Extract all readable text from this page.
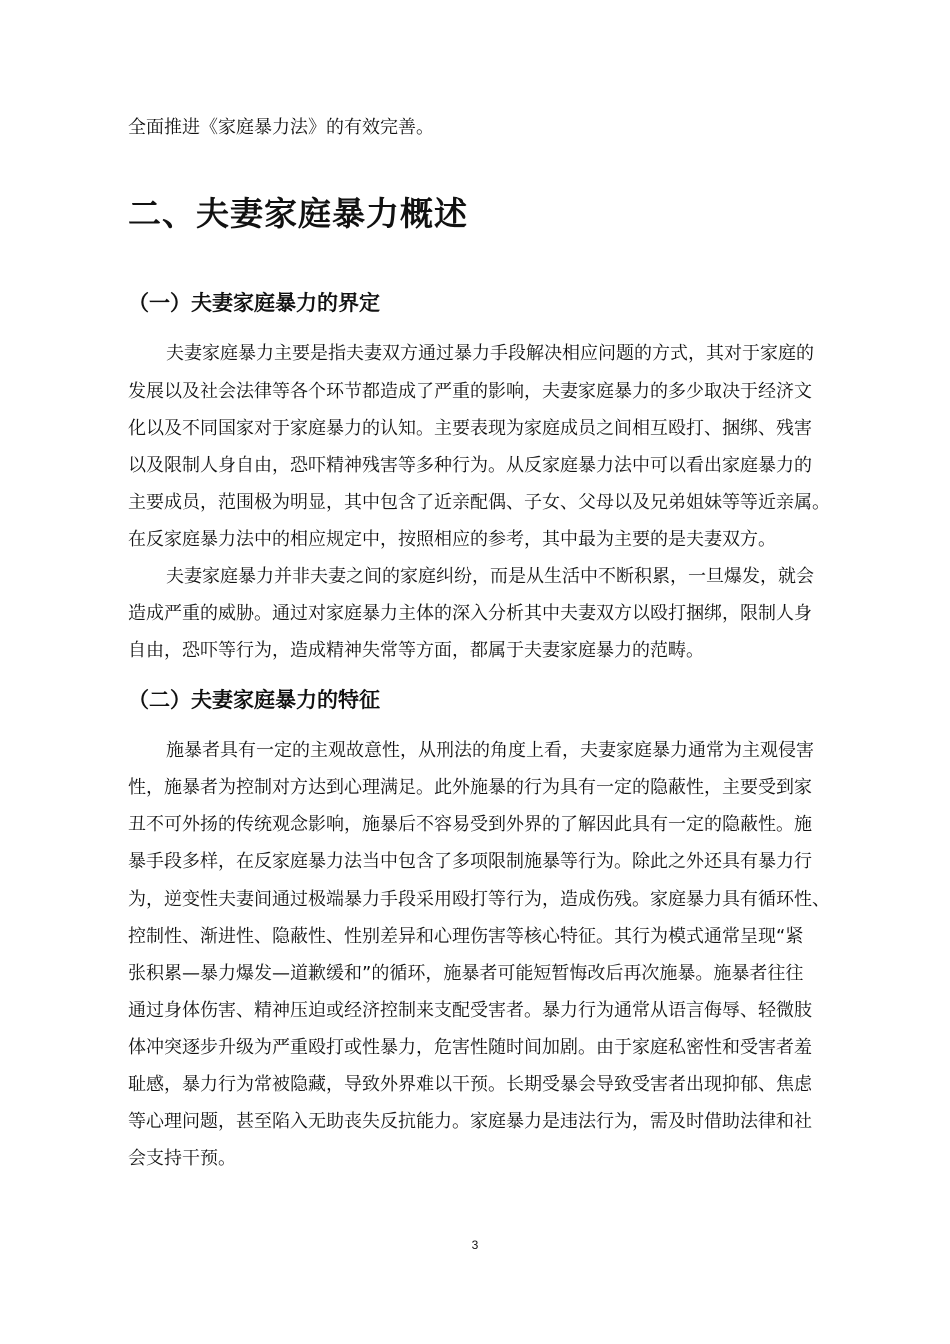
全面推进《家庭暴力法》的有效完善。
二、夫妻家庭暴力概述
（一）夫妻家庭暴力的界定
夫妻家庭暴力主要是指夫妻双方通过暴力手段解决相应问题的方式，其对于家庭的
发展以及社会法律等各个环节都造成了严重的影响，夫妻家庭暴力的多少取决于经济文
化以及不同国家对于家庭暴力的认知。主要表现为家庭成员之间相互殴打、捆绑、残害
以及限制人身自由，恐吓精神残害等多种行为。从反家庭暴力法中可以看出家庭暴力的
主要成员，范围极为明显，其中包含了近亲配偶、子女、父母以及兄弟姐妹等等近亲属。
在反家庭暴力法中的相应规定中，按照相应的参考，其中最为主要的是夫妻双方。
夫妻家庭暴力并非夫妻之间的家庭纠纷，而是从生活中不断积累，一旦爆发，就会
造成严重的威胁。通过对家庭暴力主体的深入分析其中夫妻双方以殴打捆绑，限制人身
自由，恐吓等行为，造成精神失常等方面，都属于夫妻家庭暴力的范畴。
（二）夫妻家庭暴力的特征
施暴者具有一定的主观故意性，从刑法的角度上看，夫妻家庭暴力通常为主观侵害
性，施暴者为控制对方达到心理满足。此外施暴的行为具有一定的隐蔽性，主要受到家
丑不可外扬的传统观念影响，施暴后不容易受到外界的了解因此具有一定的隐蔽性。施
暴手段多样，在反家庭暴力法当中包含了多项限制施暴等行为。除此之外还具有暴力行
为，逆变性夫妻间通过极端暴力手段采用殴打等行为，造成伤残。家庭暴力具有循环性、
控制性、渐进性、隐蔽性、性别差异和心理伤害等核心特征。其行为模式通常呈现“紧
张积累—暴力爆发—道歉缓和”的循环，施暴者可能短暂悔改后再次施暴。施暴者往往
通过身体伤害、精神压迫或经济控制来支配受害者。暴力行为通常从语言侮辱、轻微肢
体冲突逐步升级为严重殴打或性暴力，危害性随时间加剧。由于家庭私密性和受害者羞
耻感，暴力行为常被隐藏，导致外界难以干预。长期受暴会导致受害者出现抑郁、焦虑
等心理问题，甚至陷入无助丧失反抗能力。家庭暴力是违法行为，需及时借助法律和社
会支持干预。
3
